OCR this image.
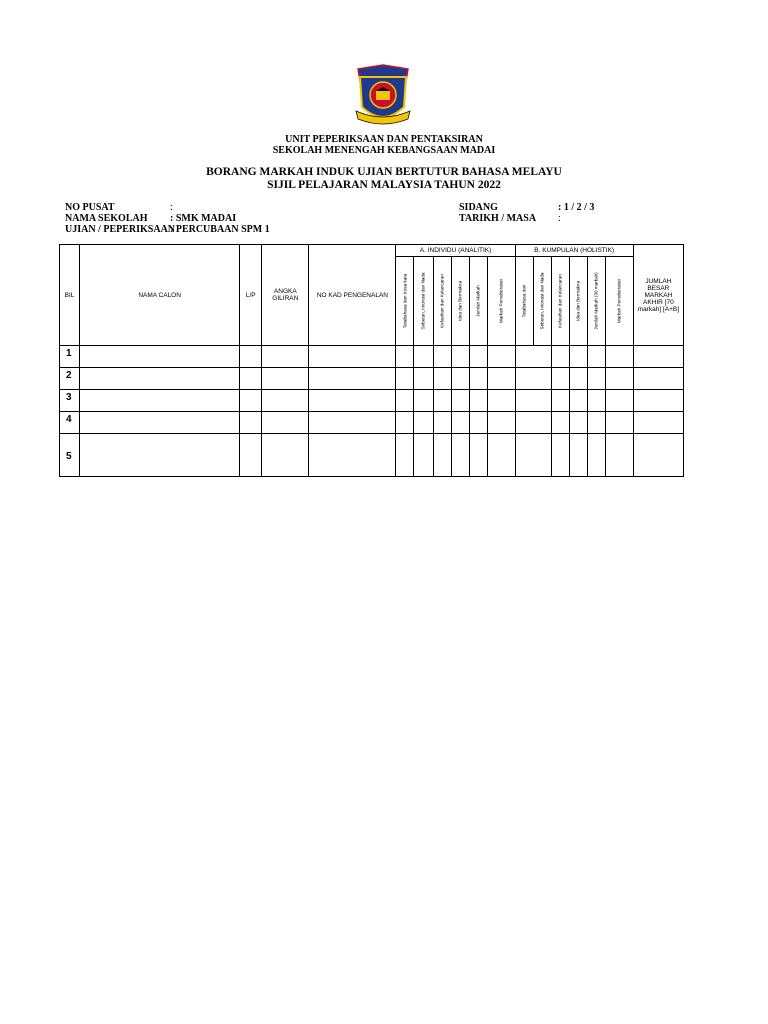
UNIT PEPERIKSAAN DAN PENTAKSIRAN
SEKOLAH MENENGAH KEBANGSAAN MADAI
BORANG MARKAH INDUK UJIAN BERTUTUR BAHASA MELAYU
SIJIL PELAJARAN MALAYSIA TAHUN 2022
NO PUSAT	:
NAMA SEKOLAH : SMK MADAI
UJIAN / PEPERIKSAAN
: PERCUBAAN SPM 1
SIDANG	: 1 / 2 / 3
TARIKH / MASA :
BIL	NAMA CALON	L/P	ANGKA GILIRAN	NO KAD PENGENALAN	A. INDIVIDU (ANALITIK)						B. KUMPULAN (HOLISTIK)						JUMLAH BESAR MARKAH AKHIR [70 markah] [A+B]

					Tatabahasa dan Kosa kata	Sebutan, Intonasi dan Nada	Kefasihan dan Kelancaran	Idea dan Bermakna	Jumlah Markah	Markah Pemeberatan	Tatabahasa dan	Sebutan, Intonasi dan Nada	Kefasihan dan Kelancaran	Idea dan Bermakna	Jumlah Markah (30 markah)	Markah Pemeberatan	

1																	
2																	
3																	
4																	
5																	
